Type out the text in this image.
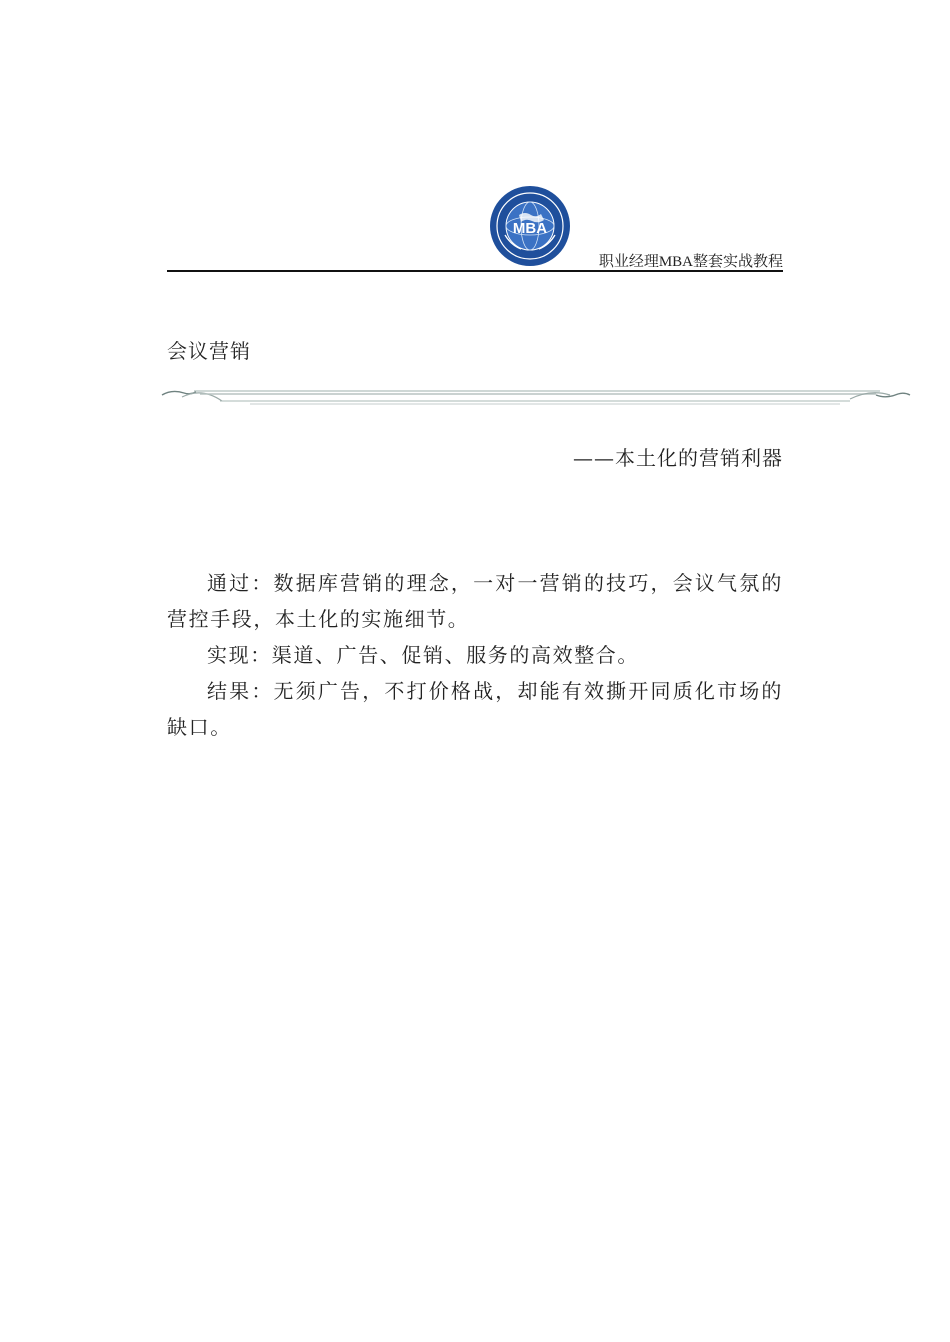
MBA
职业经理MBA整套实战教程
会议营销
——本土化的营销利器

通过：数据库营销的理念，一对一营销的技巧，会议气氛的营控手段，本土化的实施细节。

实现：渠道、广告、促销、服务的高效整合。

结果：无须广告，不打价格战，却能有效撕开同质化市场的缺口。
